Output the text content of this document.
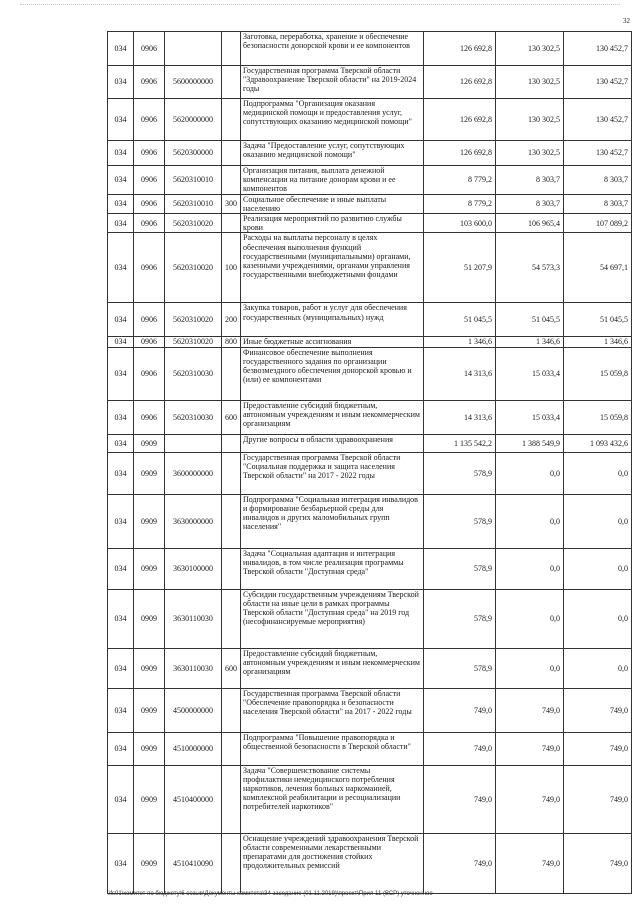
32
034	0906			Заготовка, переработка, хранение и обеспечение безопасности донорской крови и ее компонентов	126 692,8	130 302,5	130 452,7
034	0906	5600000000		Государственная программа Тверской области "Здравоохранение Тверской области" на 2019-2024 годы	126 692,8	130 302,5	130 452,7
034	0906	5620000000		Подпрограмма "Организация оказания медицинской помощи и предоставления услуг, сопутствующих оказанию медицинской помощи"	126 692,8	130 302,5	130 452,7
034	0906	5620300000		Задача "Предоставление услуг, сопутствующих оказанию медицинской помощи"	126 692,8	130 302,5	130 452,7
034	0906	5620310010		Организация питания, выплата денежной компенсации на питание донорам крови и ее компонентов	8 779,2	8 303,7	8 303,7
034	0906	5620310010	300	Социальное обеспечение и иные выплаты населению	8 779,2	8 303,7	8 303,7
034	0906	5620310020		Реализация мероприятий по развитию службы крови	103 600,0	106 965,4	107 089,2
034	0906	5620310020	100	Расходы на выплаты персоналу в целях обеспечения выполнения функций государственными (муниципальными) органами, казенными учреждениями, органами управления государственными внебюджетными фондами	51 207,9	54 573,3	54 697,1
034	0906	5620310020	200	Закупка товаров, работ и услуг для обеспечения государственных (муниципальных) нужд	51 045,5	51 045,5	51 045,5
034	0906	5620310020	800	Иные бюджетные ассигнования	1 346,6	1 346,6	1 346,6
034	0906	5620310030		Финансовое обеспечение выполнения государственного задания по организации безвозмездного обеспечения донорской кровью и (или) ее компонентами	14 313,6	15 033,4	15 059,8
034	0906	5620310030	600	Предоставление субсидий бюджетным, автономным учреждениям и иным некоммерческим организациям	14 313,6	15 033,4	15 059,8
034	0909			Другие вопросы в области здравоохранения	1 135 542,2	1 388 549,9	1 093 432,6
034	0909	3600000000		Государственная программа Тверской области "Социальная поддержка и защита населения Тверской области" на 2017 - 2022 годы	578,9	0,0	0,0
034	0909	3630000000		Подпрограмма "Социальная интеграция инвалидов и формирование безбарьерной среды для инвалидов и других маломобильных групп населения"	578,9	0,0	0,0
034	0909	3630100000		Задача "Социальная адаптация и интеграция инвалидов, в том числе реализация программы Тверской области "Доступная среда"	578,9	0,0	0,0
034	0909	3630110030		Субсидии государственным учреждениям Тверской области на иные цели в рамках программы Тверской области "Доступная среда" на 2019 год (несофинансируемые мероприятия)	578,9	0,0	0,0
034	0909	3630110030	600	Предоставление субсидий бюджетным, автономным учреждениям и иным некоммерческим организациям	578,9	0,0	0,0
034	0909	4500000000		Государственная программа Тверской области "Обеспечение правопорядка и безопасности населения Тверской области" на 2017 - 2022 годы	749,0	749,0	749,0
034	0909	4510000000		Подпрограмма "Повышение правопорядка и общественной безопасности в Тверской области"	749,0	749,0	749,0
034	0909	4510400000		Задача "Совершенствование системы профилактики немедицинского потребления наркотиков, лечения больных наркоманией, комплексной реабилитации и ресоциализации потребителей наркотиков"	749,0	749,0	749,0
034	0909	4510410090		Оснащение учреждений здравоохранения Тверской области современными лекарственными препаратами для достижения стойких продолжительных ремиссий	749,0	749,0	749,0
\\fs01\комитет по бюджету\6 созыв\Документы комитета\34 заседание (01.11.2019)\проект\Прил 11 (ВСР) уточненное
